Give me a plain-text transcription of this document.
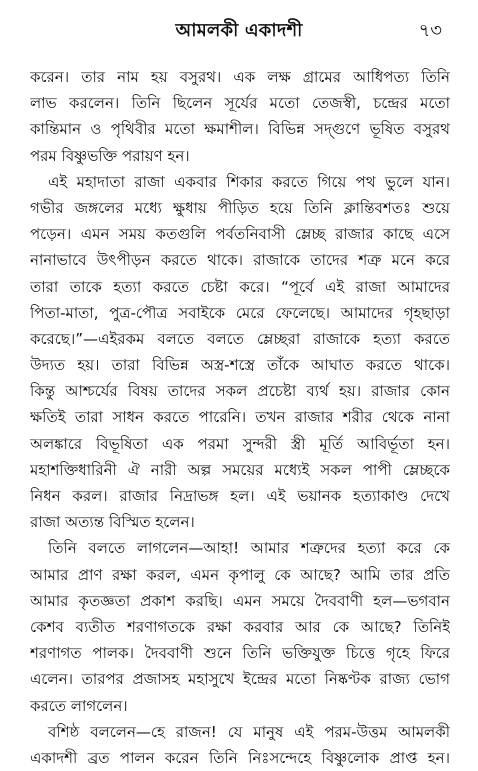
আমলকী একাদশী	৭৩
করেন। তার নাম হয় বসুরথ। এক লক্ষ গ্রামের আধিপত্য তিনি
লাভ করলেন। তিনি ছিলেন সূর্যের মতো তেজস্বী, চন্দ্রের মতো
কান্তিমান ও পৃথিবীর মতো ক্ষমাশীল। বিভিন্ন সদ্‌গুণে ভূষিত বসুরথ
পরম বিষ্ণুভক্তি পরায়ণ হন।
এই মহাদাতা রাজা একবার শিকার করতে গিয়ে পথ ভুলে যান।
গভীর জঙ্গলের মধ্যে ক্ষুধায় পীড়িত হয়ে তিনি ক্লান্তিবশতঃ শুয়ে
পড়েন। এমন সময় কতগুলি পর্বতনিবাসী ম্লেচ্ছ রাজার কাছে এসে
নানাভাবে উৎপীড়ন করতে থাকে। রাজাকে তাদের শত্রু মনে করে
তারা তাকে হত্যা করতে চেষ্টা করে। “পূর্বে এই রাজা আমাদের
পিতা-মাতা, পুত্র-পৌত্র সবাইকে মেরে ফেলেছে। আমাদের গৃহছাড়া
করেছে।”—এইরকম বলতে বলতে ম্লেচ্ছরা রাজাকে হত্যা করতে
উদ্যত হয়। তারা বিভিন্ন অস্ত্র-শস্ত্রে তাঁকে আঘাত করতে থাকে।
কিন্তু আশ্চর্যের বিষয় তাদের সকল প্রচেষ্টা ব্যর্থ হয়। রাজার কোন
ক্ষতিই তারা সাধন করতে পারেনি। তখন রাজার শরীর থেকে নানা
অলঙ্কারে বিভূষিতা এক পরমা সুন্দরী স্ত্রী মূর্তি আবির্ভূতা হন।
মহাশক্তিধারিনী ঐ নারী অল্প সময়ের মধ্যেই সকল পাপী ম্লেচ্ছকে
নিধন করল। রাজার নিদ্রাভঙ্গ হল। এই ভয়ানক হত্যাকাণ্ড দেখে
রাজা অত্যন্ত বিস্মিত হলেন।
তিনি বলতে লাগলেন—আহা! আমার শত্রুদের হত্যা করে কে
আমার প্রাণ রক্ষা করল, এমন কৃপালু কে আছে? আমি তার প্রতি
আমার কৃতজ্ঞতা প্রকাশ করছি। এমন সময়ে দৈববাণী হল—ভগবান
কেশব ব্যতীত শরণাগতকে রক্ষা করবার আর কে আছে? তিনিই
শরণাগত পালক। দৈববাণী শুনে তিনি ভক্তিযুক্ত চিত্তে গৃহে ফিরে
এলেন। তারপর প্রজাসহ মহাসুখে ইন্দ্রের মতো নিষ্কণ্টক রাজ্য ভোগ
করতে লাগলেন।
বশিষ্ঠ বললেন—হে রাজন! যে মানুষ এই পরম-উত্তম আমলকী
একাদশী ব্রত পালন করেন তিনি নিঃসন্দেহে বিষ্ণুলোক প্রাপ্ত হন।
